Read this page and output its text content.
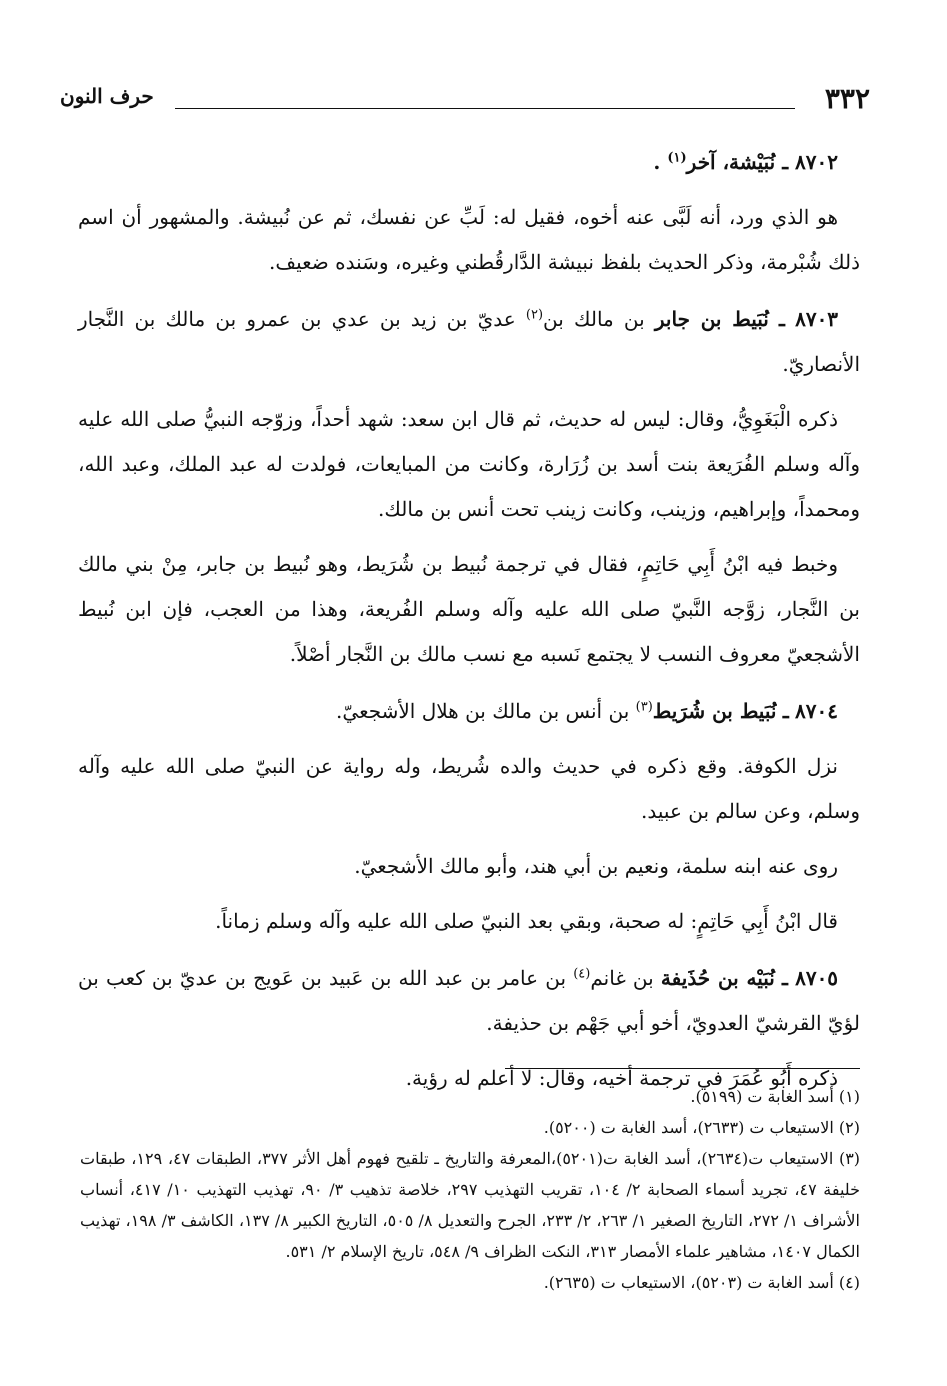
٣٣٢
حرف النون

٨٧٠٢ ـ نُبَيْشة، آخر$^{(١)}$ .

هو الذي ورد، أنه لَبَّى عنه أخوه، فقيل له: لَبِّ عن نفسك، ثم عن نُبيشة. والمشهور أن اسم ذلك شُبْرمة، وذكر الحديث بلفظ نبيشة الدَّارقُطني وغيره، وسَنده ضعيف.

٨٧٠٣ ـ نُبَيط بن جابر بن مالك بن$^{(٢)}$ عديّ بن زيد بن عدي بن عمرو بن مالك بن النَّجار الأنصاريّ.

ذكره الْبَغَوِيُّ، وقال: ليس له حديث، ثم قال ابن سعد: شهد أحداً، وزوّجه النبيُّ صلى الله عليه وآله وسلم الفُرَيعة بنت أسد بن زُرَارة، وكانت من المبايعات، فولدت له عبد الملك، وعبد الله، ومحمداً، وإبراهيم، وزينب، وكانت زينب تحت أنس بن مالك.

وخبط فيه ابْنُ أَبِي حَاتِمٍ، فقال في ترجمة نُبيط بن شُرَيط، وهو نُبيط بن جابر، مِنْ بني مالك بن النَّجار، زوَّجه النَّبيّ صلى الله عليه وآله وسلم الفُريعة، وهذا من العجب، فإن ابن نُبيط الأشجعيّ معروف النسب لا يجتمع نَسبه مع نسب مالك بن النَّجار أصْلاً.

٨٧٠٤ ـ نُبَيط بن شُرَيط$^{(٣)}$ بن أنس بن مالك بن هلال الأشجعيّ.

نزل الكوفة. وقع ذكره في حديث والده شُريط، وله رواية عن النبيّ صلى الله عليه وآله وسلم، وعن سالم بن عبيد.

روى عنه ابنه سلمة، ونعيم بن أبي هند، وأبو مالك الأشجعيّ.

قال ابْنُ أَبِي حَاتِمٍ: له صحبة، وبقي بعد النبيّ صلى الله عليه وآله وسلم زماناً.

٨٧٠٥ ـ نُبَيْه بن حُذَيفة بن غانم$^{(٤)}$ بن عامر بن عبد الله بن عَبيد بن عَويج بن عديّ بن كعب بن لؤيّ القرشيّ العدويّ، أخو أبي جَهْم بن حذيفة.

ذكره أَبُو عُمَرَ في ترجمة أخيه، وقال: لا أعلم له رؤية.

(١) أسد الغابة ت (٥١٩٩).

(٢) الاستيعاب ت (٢٦٣٣)، أسد الغابة ت (٥٢٠٠).

(٣) الاستيعاب ت(٢٦٣٤)، أسد الغابة ت(٥٢٠١)،المعرفة والتاريخ ـ تلقيح فهوم أهل الأثر ٣٧٧، الطبقات ٤٧، ١٢٩، طبقات خليفة ٤٧، تجريد أسماء الصحابة ٢/ ١٠٤، تقريب التهذيب ٢٩٧، خلاصة تذهيب ٣/ ٩٠، تهذيب التهذيب ١٠/ ٤١٧، أنساب الأشراف ١/ ٢٧٢، التاريخ الصغير ١/ ٢٦٣، ٢/ ٢٣٣، الجرح والتعديل ٨/ ٥٠٥، التاريخ الكبير ٨/ ١٣٧، الكاشف ٣/ ١٩٨، تهذيب الكمال ١٤٠٧، مشاهير علماء الأمصار ٣١٣، النكت الظراف ٩/ ٥٤٨، تاريخ الإسلام ٢/ ٥٣١.

(٤) أسد الغابة ت (٥٢٠٣)، الاستيعاب ت (٢٦٣٥).
